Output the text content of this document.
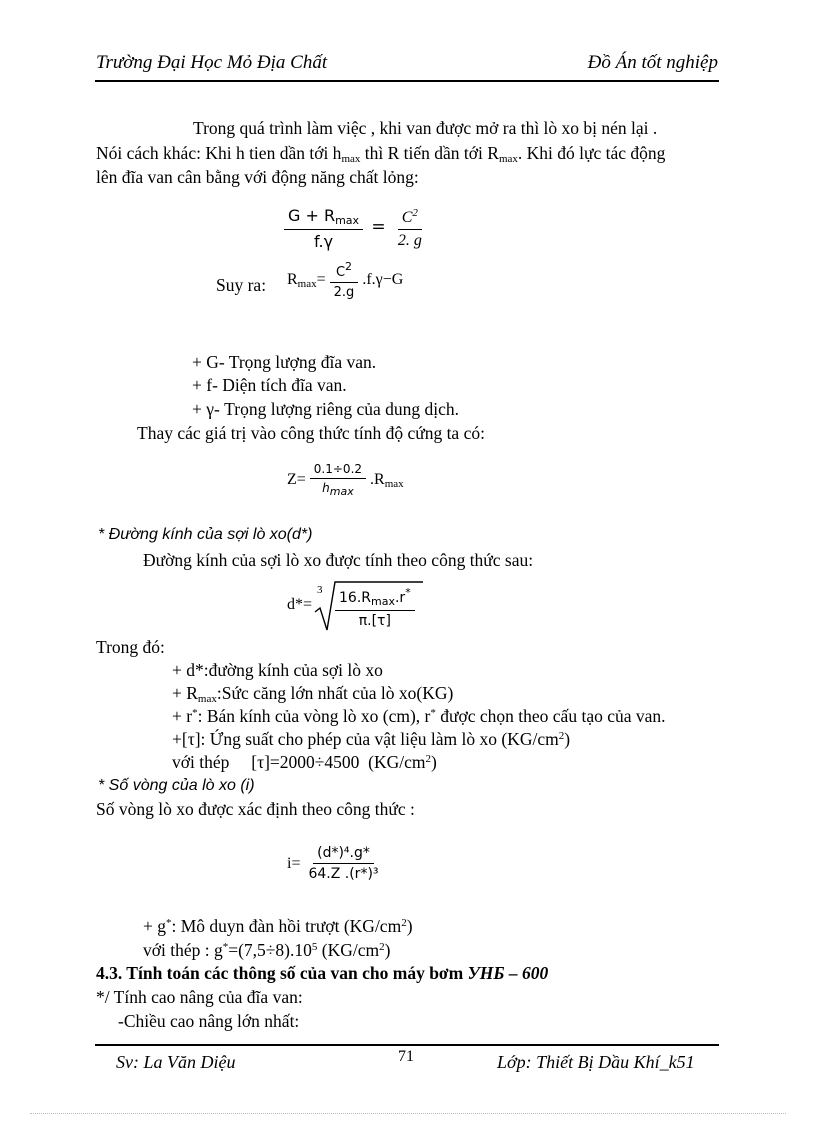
Trường Đại Học Mỏ Địa Chất	Đồ Án tốt nghiệp
Trong quá trình làm việc , khi van được mở ra thì lò xo bị nén lại .
Nói cách khác: Khi h tien dần tới $h_{max}$ thì R tiến dần tới $R_{max}$. Khi đó lực tác động
lên đĩa van cân bằng với động năng chất lỏng:
$\frac{G + R_{max}}{f.\gamma} = \frac{C^2}{2. g}$
Suy ra: $R_{max}= \frac{C^2}{2.g} .f.\gamma-G$
+ G- Trọng lượng đĩa van.
+ f- Diện tích đĩa van.
+ γ- Trọng lượng riêng của dung dịch.
Thay các giá trị vào công thức tính độ cứng ta có:
$Z= \frac{0.1\div 0.2}{h_{max}} .R_{max}$
* Đường kính của sợi lò xo(d*)
Đường kính của sợi lò xo được tính theo công thức sau:
d*=
3 $16.R_{max}.r^*$
π.[τ]
Trong đó:
+ d*:đường kính của sợi lò xo
+ $R_{max}:Sức$ căng lớn nhất của lò xo(KG)
+ r*: Bán kính của vòng lò xo (cm), r* được chọn theo cấu tạo của van.
+[τ]: Ứng suất cho phép của vật liệu làm lò xo $(KG/cm^2)$
với thép     [τ]=2000÷4500  $(KG/cm^2)$
* Số vòng của lò xo (i)
Số vòng lò xo được xác định theo công thức :
$i= \frac{\text{(d*)⁴.g*}}{\text{64.Z .(r*)³}}$
+ g*: Mô duyn đàn hồi trượt $(KG/cm^2)$
với thép : $g^*=(7,5\div 8).10^5$ $(KG/cm^2)$
4.3. Tính toán các thông số của van cho máy bơm УНБ – 600
*/ Tính cao nâng của đĩa van:
-Chiều cao nâng lớn nhất:
Sv: La Văn Diệu	71	Lớp: Thiết Bị Dầu Khí_k51
